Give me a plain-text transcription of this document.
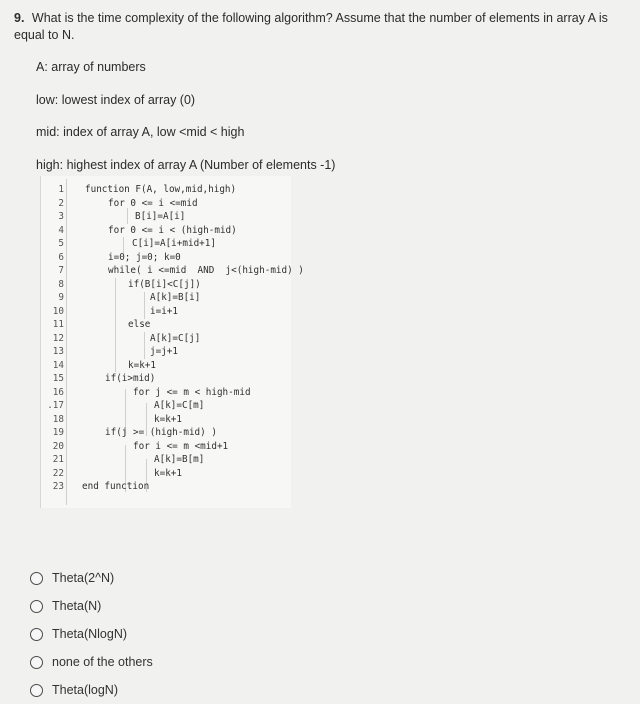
9. What is the time complexity of the following algorithm? Assume that the number of elements in array A is equal to N.
A: array of numbers
low: lowest index of array (0)
mid: index of array A, low <mid < high
high: highest index of array A (Number of elements -1)
1
2
3
4
5
6
7
8
9
10
11
12
13
14
15
16
.17
18
19
20
21
22
23
function F(A, low,mid,high)
for 0 <= i <=mid
B[i]=A[i]
for 0 <= i < (high-mid)
C[i]=A[i+mid+1]
i=0; j=0; k=0
while( i <=mid  AND  j<(high-mid) )
if(B[i]<C[j])
A[k]=B[i]
i=i+1
else
A[k]=C[j]
j=j+1
k=k+1
if(i>mid)
for j <= m < high-mid
A[k]=C[m]
k=k+1
if(j >= (high-mid) )
for i <= m <mid+1
A[k]=B[m]
k=k+1
end function
Theta(2^N)
Theta(N)
Theta(NlogN)
none of the others
Theta(logN)
